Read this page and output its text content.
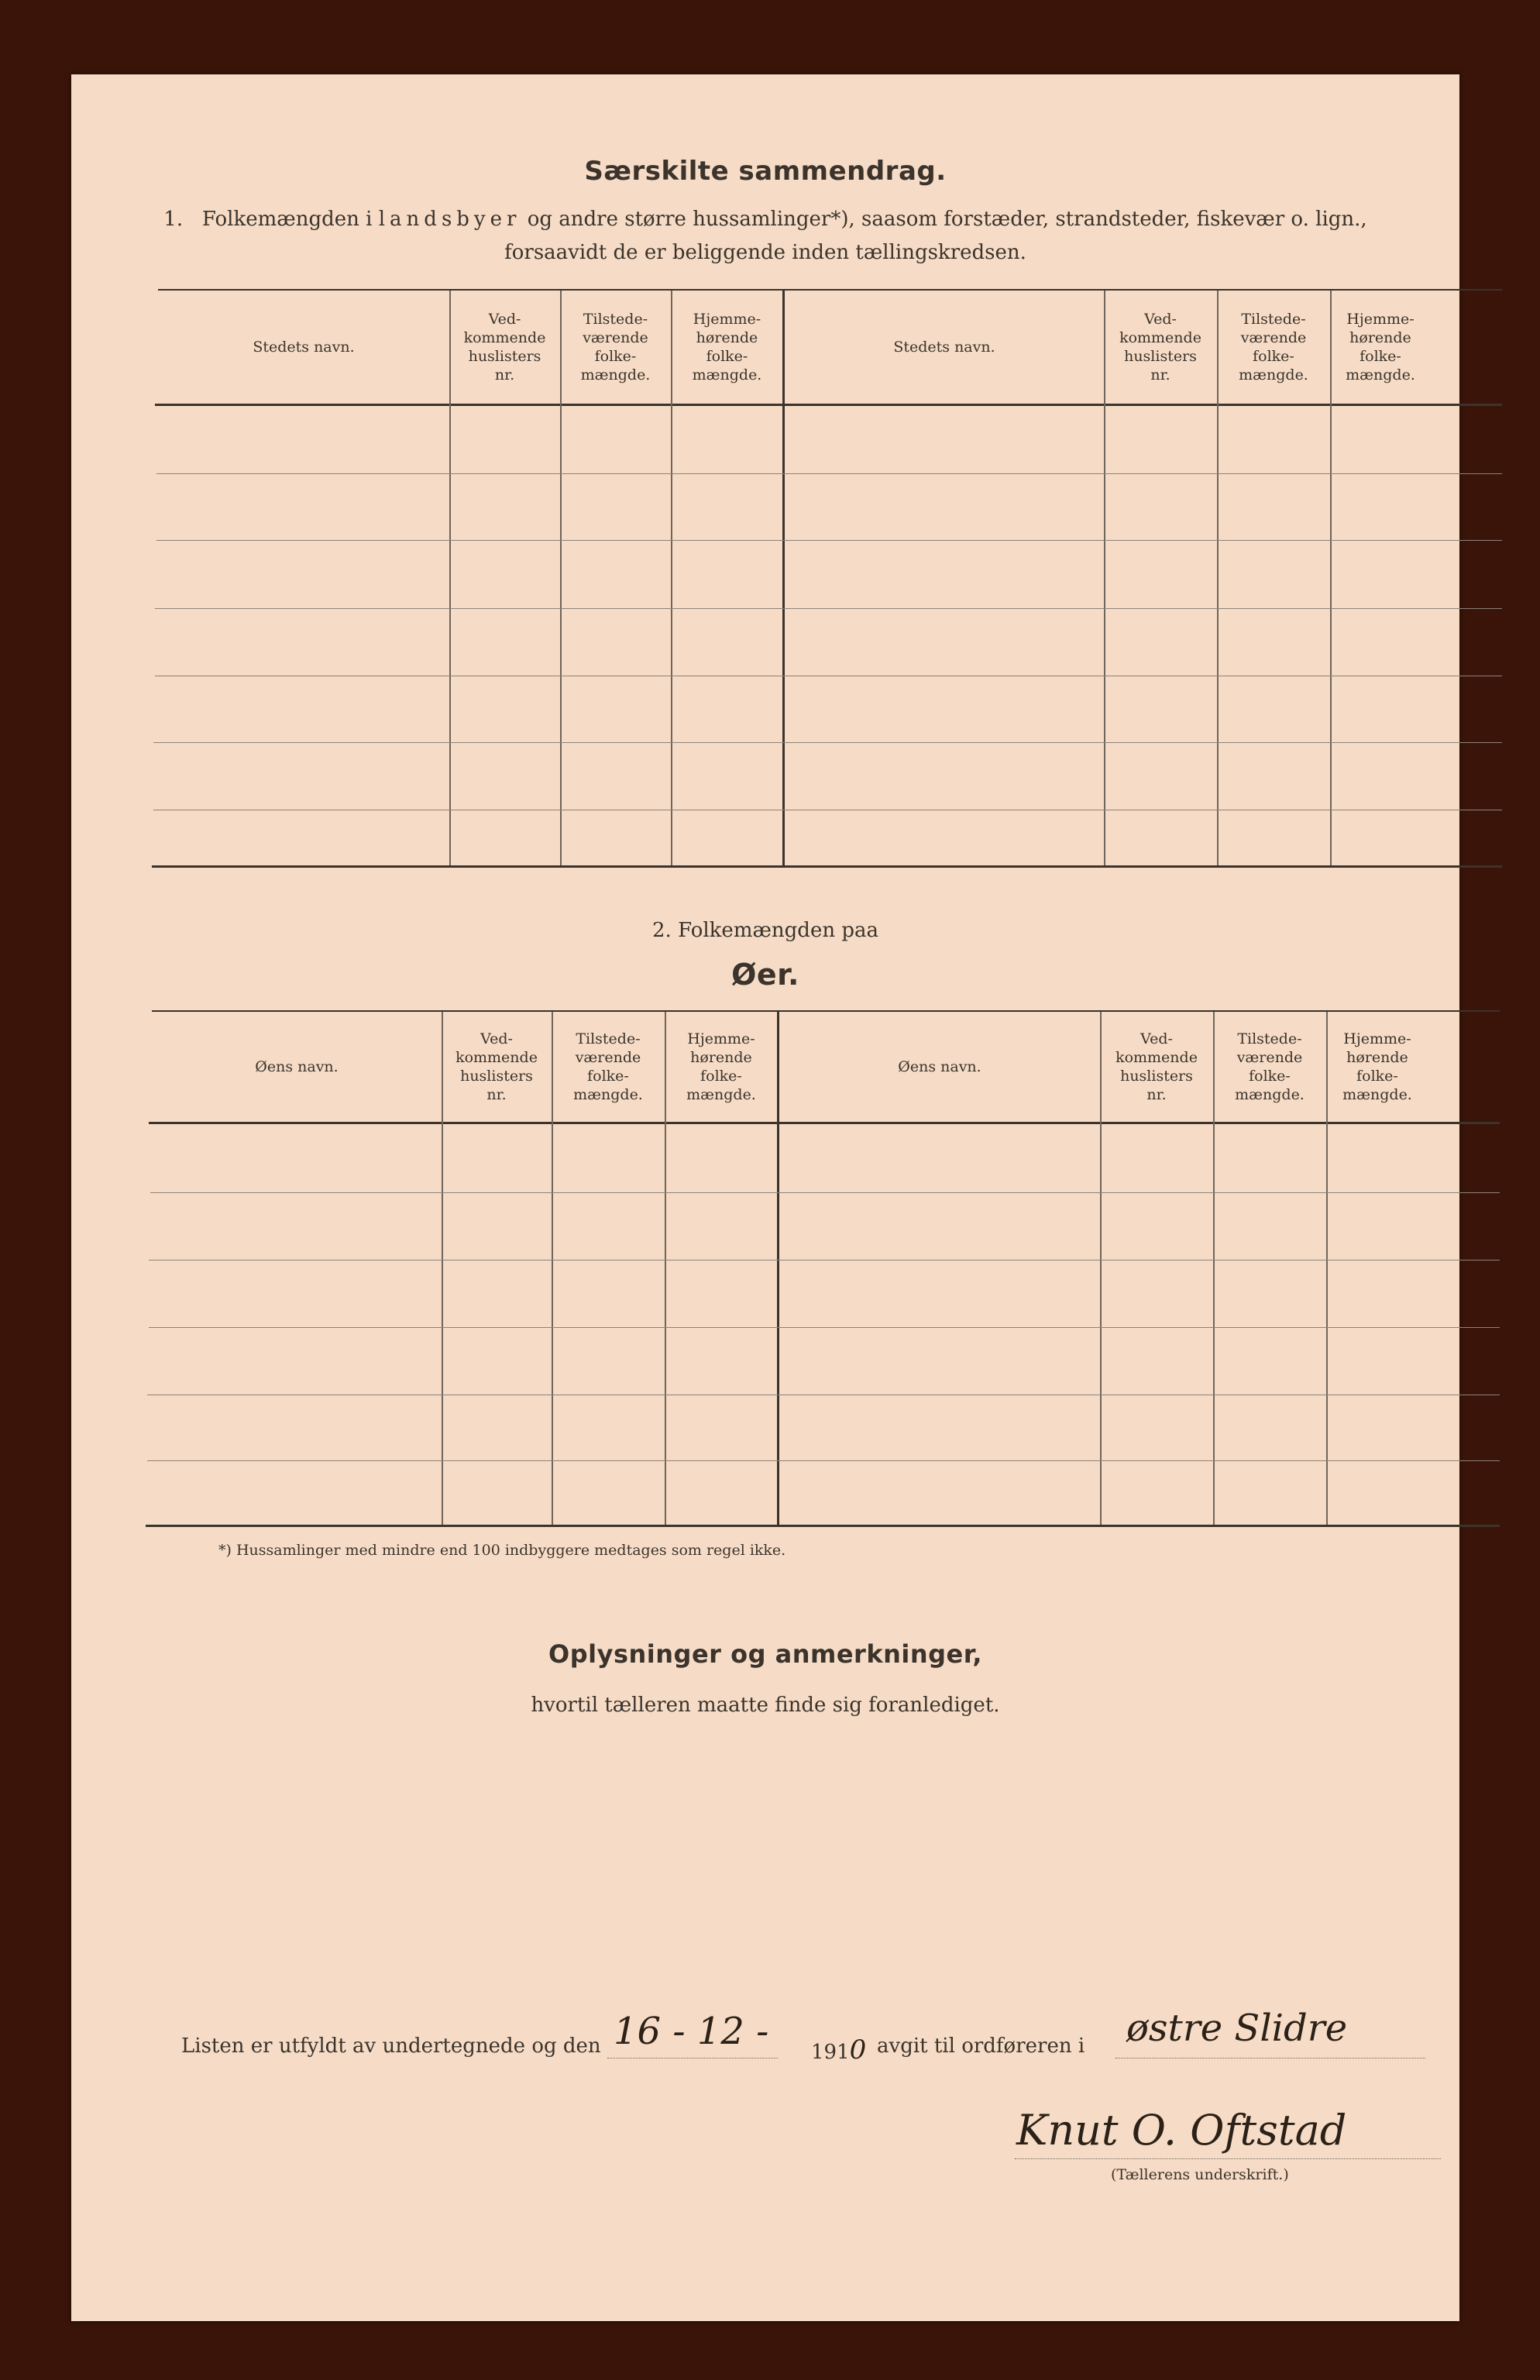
Særskilte sammendrag.
1. Folkemængden i landsbyer og andre større hussamlinger*), saasom forstæder, strandsteder, fiskevær o. lign.,
forsaavidt de er beliggende inden tællingskredsen.
Stedets navn.
Ved-
kommende
huslisters
nr.
Tilstede-
værende
folke-
mængde.
Hjemme-
hørende
folke-
mængde.
Stedets navn.
Ved-
kommende
huslisters
nr.
Tilstede-
værende
folke-
mængde.
Hjemme-
hørende
folke-
mængde.
2. Folkemængden paa
Øer.
Øens navn.
Ved-
kommende
huslisters
nr.
Tilstede-
værende
folke-
mængde.
Hjemme-
hørende
folke-
mængde.
Øens navn.
Ved-
kommende
huslisters
nr.
Tilstede-
værende
folke-
mængde.
Hjemme-
hørende
folke-
mængde.
*) Hussamlinger med mindre end 100 indbyggere medtages som regel ikke.
Oplysninger og anmerkninger,
hvortil tælleren maatte finde sig foranlediget.
Listen er utfyldt av undertegnede og den 16 - 12 - 1910 avgit til ordføreren i østre Slidre
Knut O. Oftstad
(Tællerens underskrift.)
